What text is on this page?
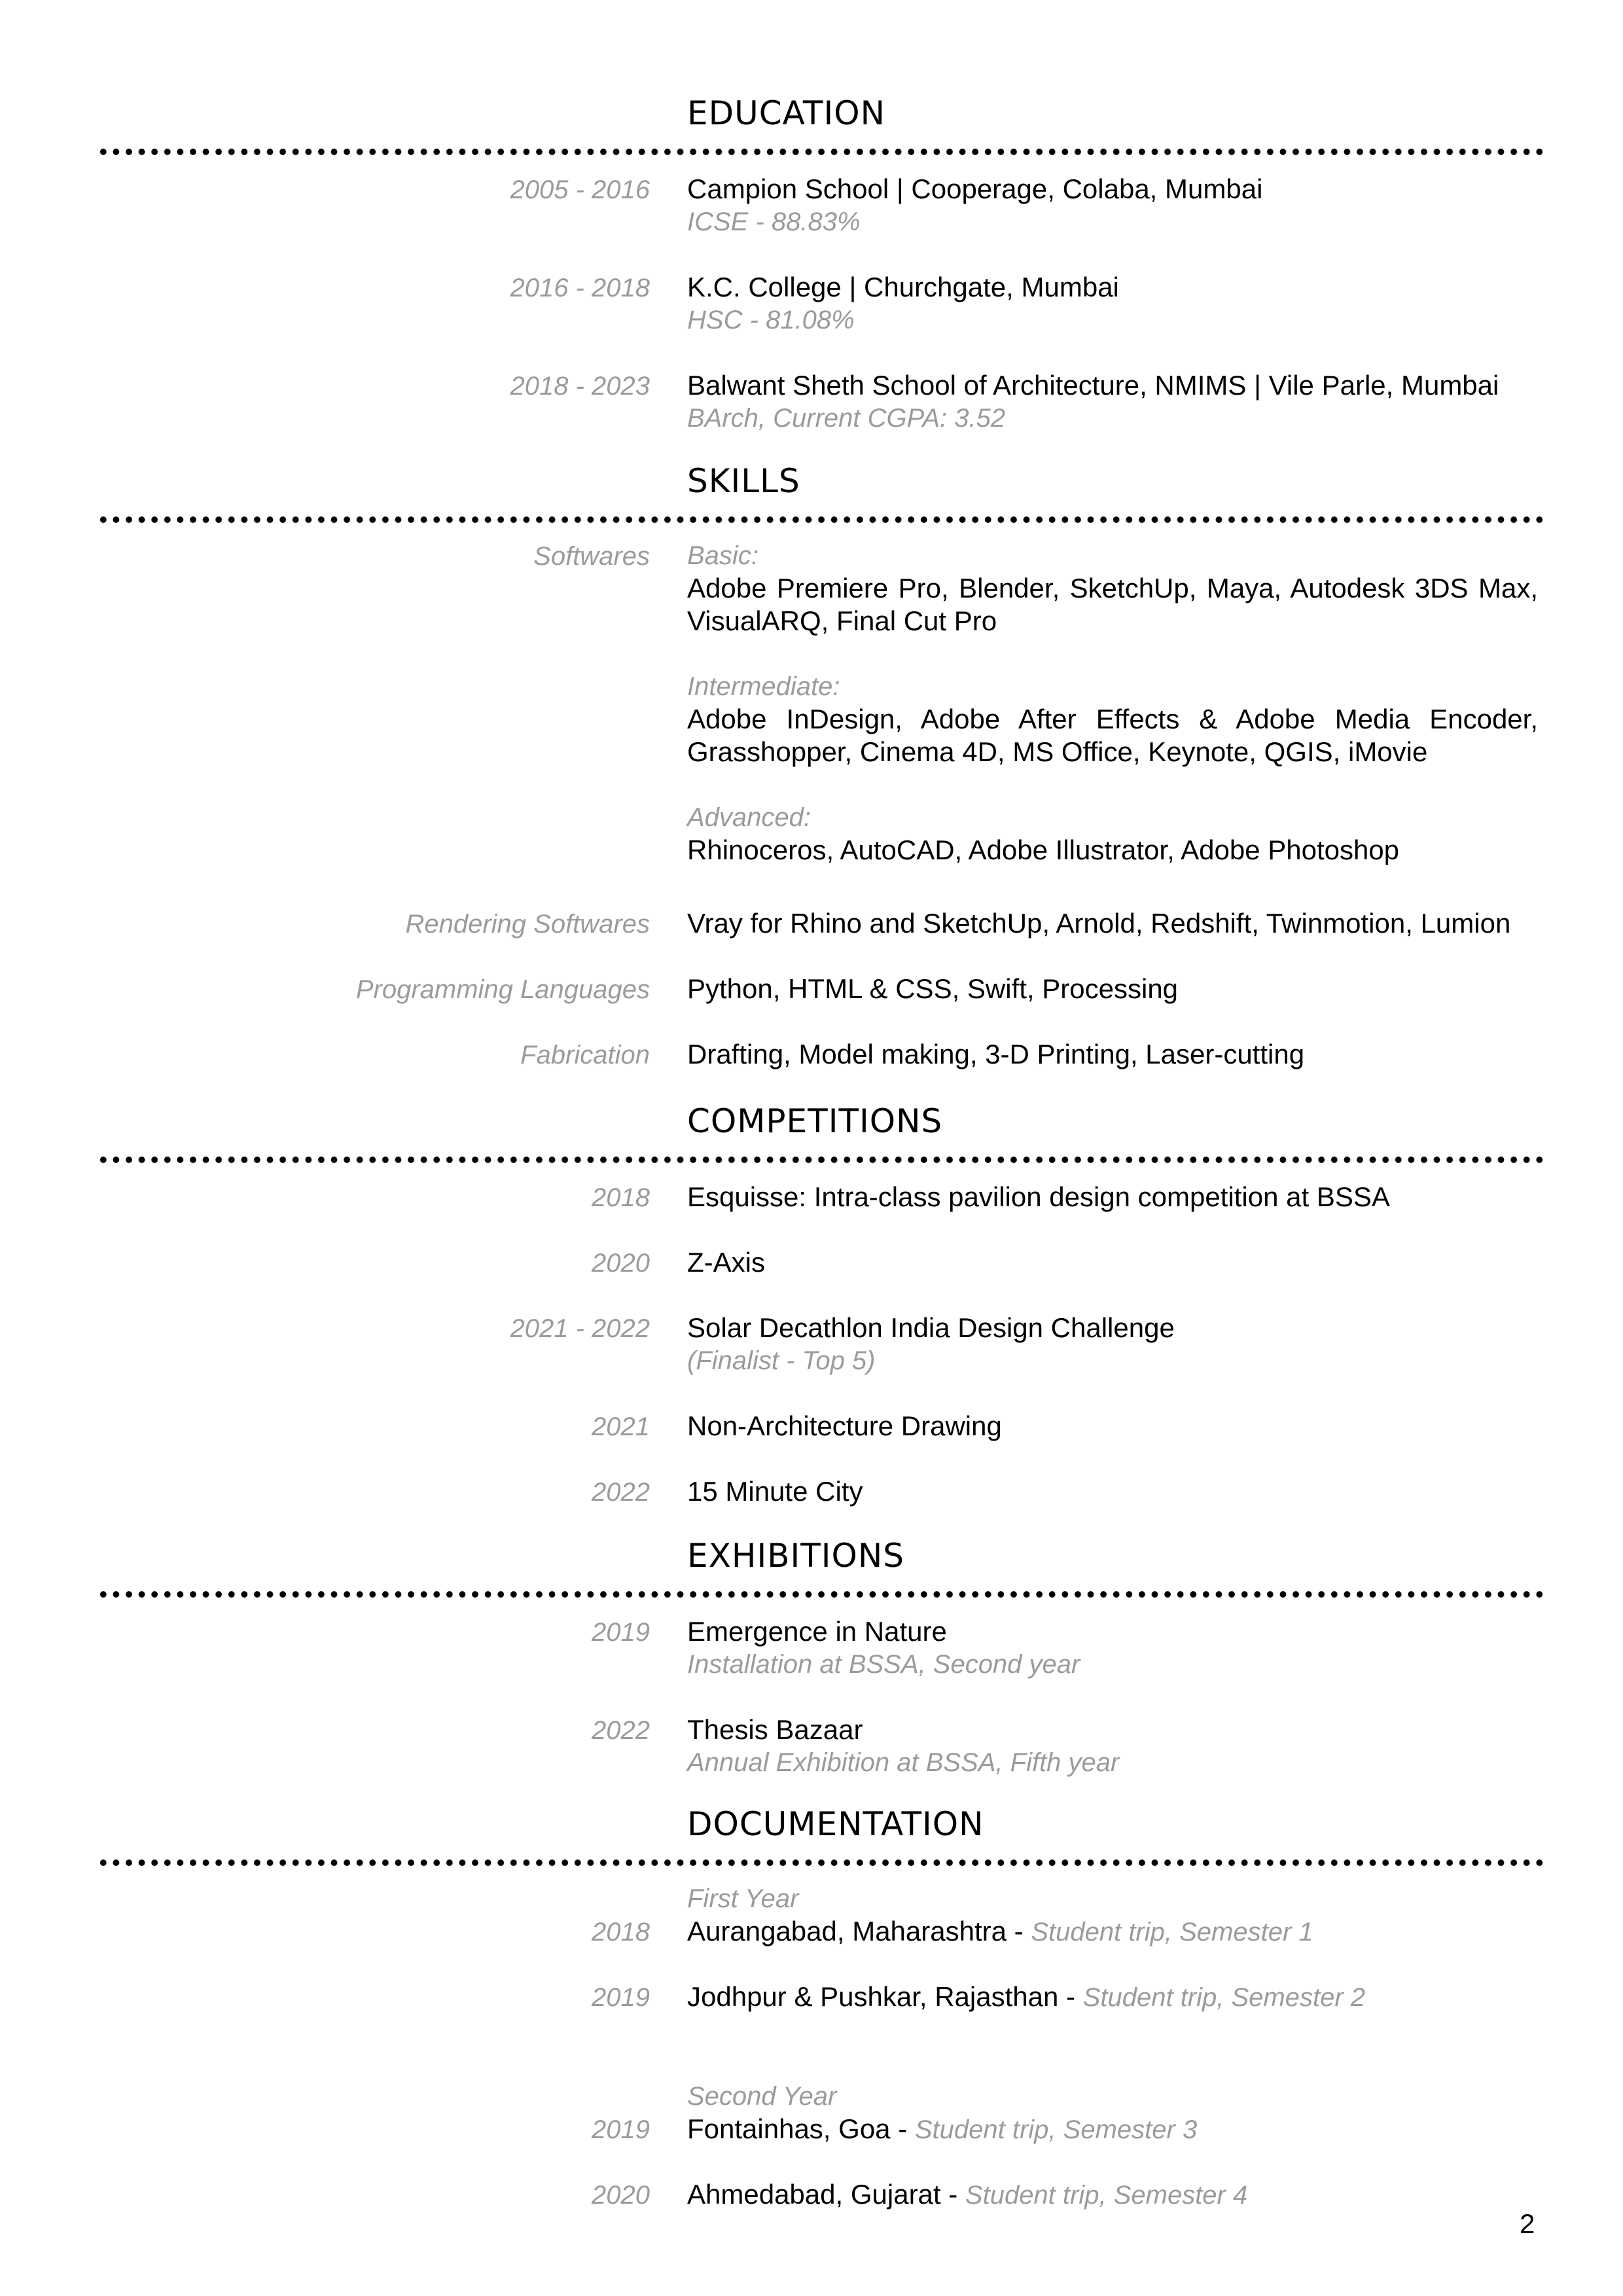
EDUCATION
2005 - 2016 Campion School | Cooperage, Colaba, Mumbai
ICSE - 88.83%
2016 - 2018 K.C. College | Churchgate, Mumbai
HSC - 81.08%
2018 - 2023 Balwant Sheth School of Architecture, NMIMS | Vile Parle, Mumbai
BArch, Current CGPA: 3.52
SKILLS
Softwares Basic:
Adobe Premiere Pro, Blender, SketchUp, Maya, Autodesk 3DS Max, VisualARQ, Final Cut Pro
Intermediate:
Adobe InDesign, Adobe After Effects & Adobe Media Encoder, Grasshopper, Cinema 4D, MS Office, Keynote, QGIS, iMovie
Advanced:
Rhinoceros, AutoCAD, Adobe Illustrator, Adobe Photoshop
Rendering Softwares Vray for Rhino and SketchUp, Arnold, Redshift, Twinmotion, Lumion
Programming Languages Python, HTML & CSS, Swift, Processing
Fabrication Drafting, Model making, 3-D Printing, Laser-cutting
COMPETITIONS
2018 Esquisse: Intra-class pavilion design competition at BSSA
2020 Z-Axis
2021 - 2022 Solar Decathlon India Design Challenge
(Finalist - Top 5)
2021 Non-Architecture Drawing
2022 15 Minute City
EXHIBITIONS
2019 Emergence in Nature
Installation at BSSA, Second year
2022 Thesis Bazaar
Annual Exhibition at BSSA, Fifth year
DOCUMENTATION
First Year
2018 Aurangabad, Maharashtra - Student trip, Semester 1
2019 Jodhpur & Pushkar, Rajasthan - Student trip, Semester 2
Second Year
2019 Fontainhas, Goa - Student trip, Semester 3
2020 Ahmedabad, Gujarat - Student trip, Semester 4
2
